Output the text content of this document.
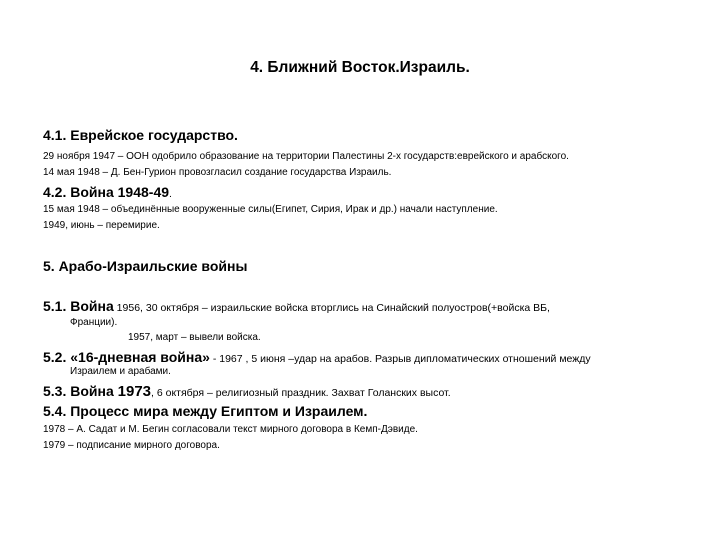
4. Ближний Восток.Израиль.
4.1. Еврейское государство.
29 ноября 1947 – ООН одобрило образование на территории Палестины 2-х государств:еврейского и арабского.
14 мая 1948 – Д. Бен-Гурион провозгласил создание государства Израиль.
4.2. Война 1948-49.
15 мая 1948 – объединённые вооруженные силы(Египет, Сирия, Ирак и др.) начали наступление.
1949, июнь – перемирие.
5. Арабо-Израильские войны
5.1. Война 1956, 30 октября – израильские войска вторглись на Синайский полуостров(+войска ВБ,
Франции).
1957, март – вывели войска.
5.2. «16-дневная война» - 1967 , 5 июня –удар на арабов. Разрыв дипломатических отношений между
Израилем и арабами.
5.3. Война 1973, 6 октября – религиозный праздник. Захват Голанских высот.
5.4. Процесс мира между Египтом и Израилем.
1978 – А. Садат и М. Бегин согласовали текст мирного договора в Кемп-Дэвиде.
1979 – подписание мирного договора.
